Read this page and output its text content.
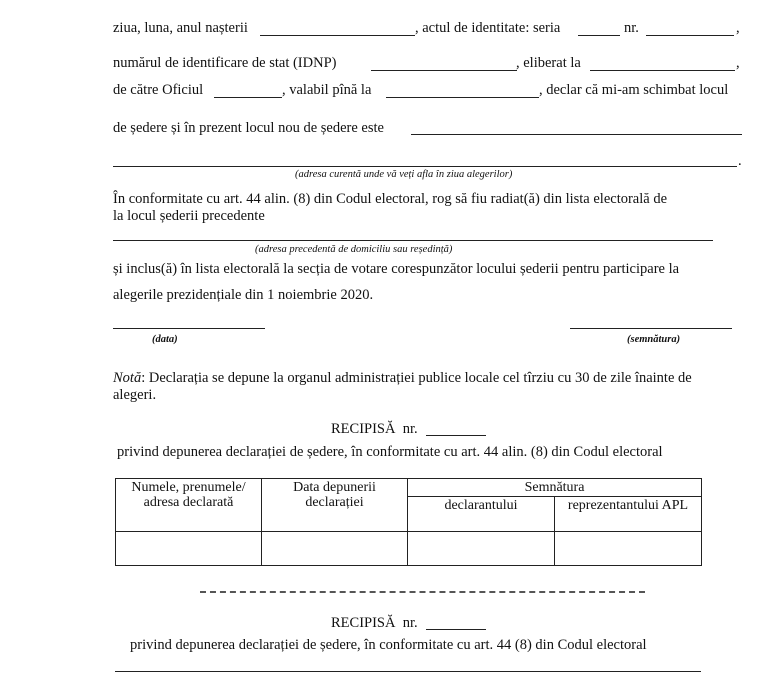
ziua, luna, anul nașterii	, actul de identitate: seria	nr.	,
numărul de identificare de stat (IDNP)	, eliberat la	,
de către Oficiul	, valabil pînă la	, declar că mi-am schimbat locul
de ședere și în prezent locul nou de ședere este
.
(adresa curentă unde vă veți afla în ziua alegerilor)
În conformitate cu art. 44 alin. (8) din Codul electoral, rog să fiu radiat(ă) din lista electorală de
la locul șederii precedente
(adresa precedentă de domiciliu sau reședință)
și inclus(ă) în lista electorală la secția de votare corespunzător locului șederii pentru participare la
alegerile prezidențiale din 1 noiembrie 2020.
(data)	(semnătura)
Notă: Declarația se depune la organul administrației publice locale cel tîrziu cu 30 de zile înainte de
alegeri.
RECIPISĂ nr.
privind depunerea declarației de ședere, în conformitate cu art. 44 alin. (8) din Codul electoral
Numele, prenumele/ adresa declarată	Data depunerii declarației	Semnătura	
		declarantului	reprezentantului APL

RECIPISĂ nr.
privind depunerea declarației de ședere, în conformitate cu art. 44 (8) din Codul electoral
